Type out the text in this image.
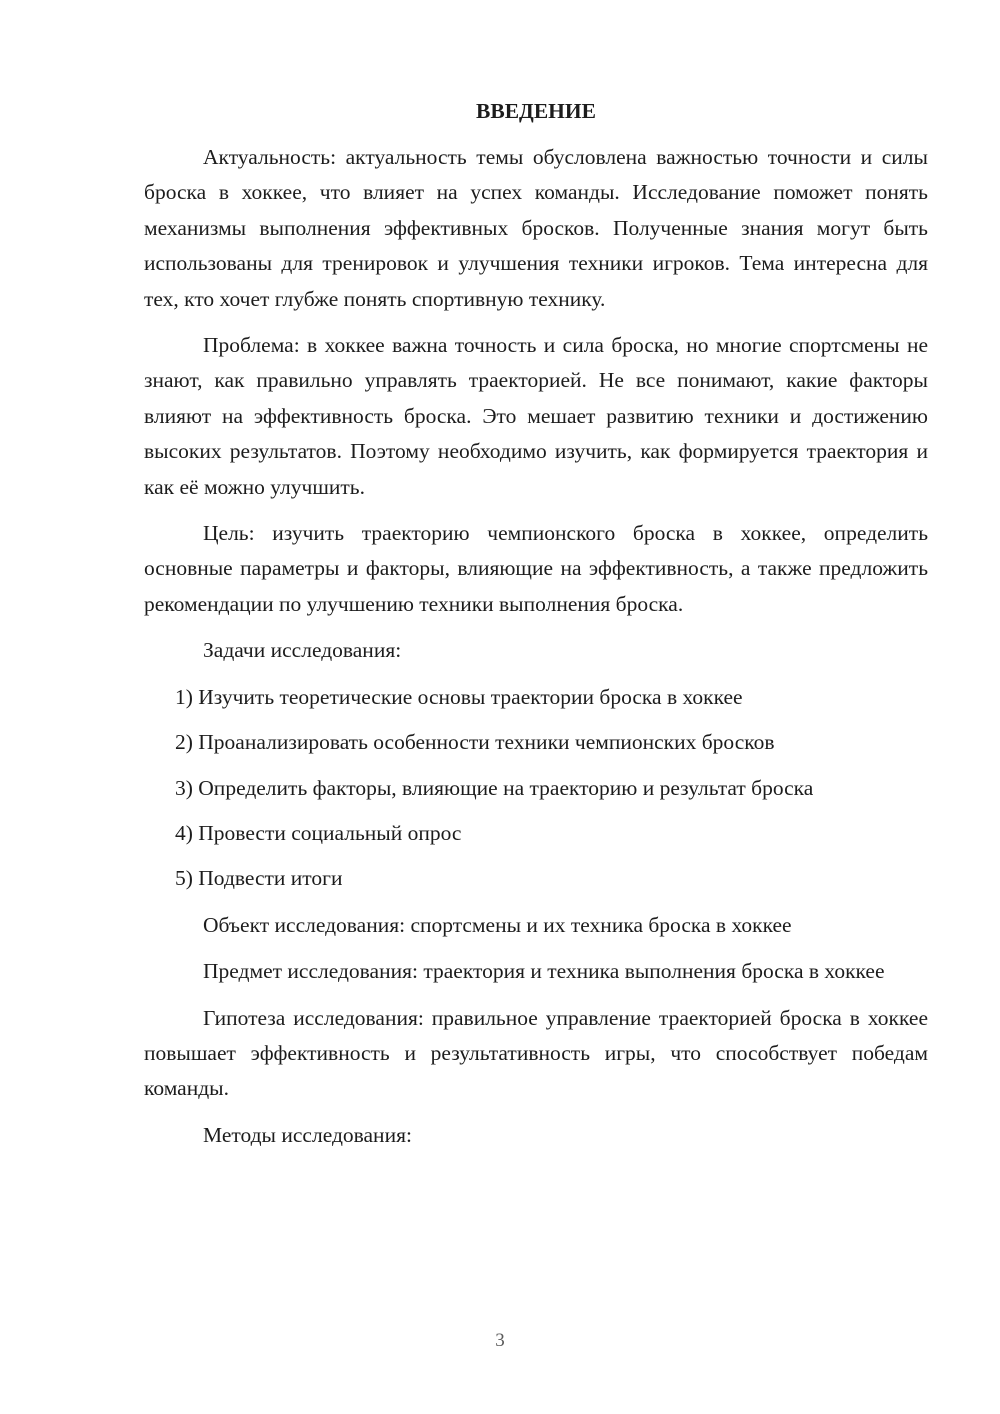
ВВЕДЕНИЕ

Актуальность: актуальность темы обусловлена важностью точности и силы броска в хоккее, что влияет на успех команды. Исследование поможет понять механизмы выполнения эффективных бросков. Полученные знания могут быть использованы для тренировок и улучшения техники игроков. Тема интересна для тех, кто хочет глубже понять спортивную технику.

Проблема: в хоккее важна точность и сила броска, но многие спортсмены не знают, как правильно управлять траекторией. Не все понимают, какие факторы влияют на эффективность броска. Это мешает развитию техники и достижению высоких результатов. Поэтому необходимо изучить, как формируется траектория и как её можно улучшить.

Цель: изучить траекторию чемпионского броска в хоккее, определить основные параметры и факторы, влияющие на эффективность, а также предложить рекомендации по улучшению техники выполнения броска.

Задачи исследования:

1) Изучить теоретические основы траектории броска в хоккее
2) Проанализировать особенности техники чемпионских бросков
3) Определить факторы, влияющие на траекторию и результат броска
4) Провести социальный опрос
5) Подвести итоги

Объект исследования: спортсмены и их техника броска в хоккее

Предмет исследования: траектория и техника выполнения броска в хоккее

Гипотеза исследования: правильное управление траекторией броска в хоккее повышает эффективность и результативность игры, что способствует победам команды.

Методы исследования:

3
